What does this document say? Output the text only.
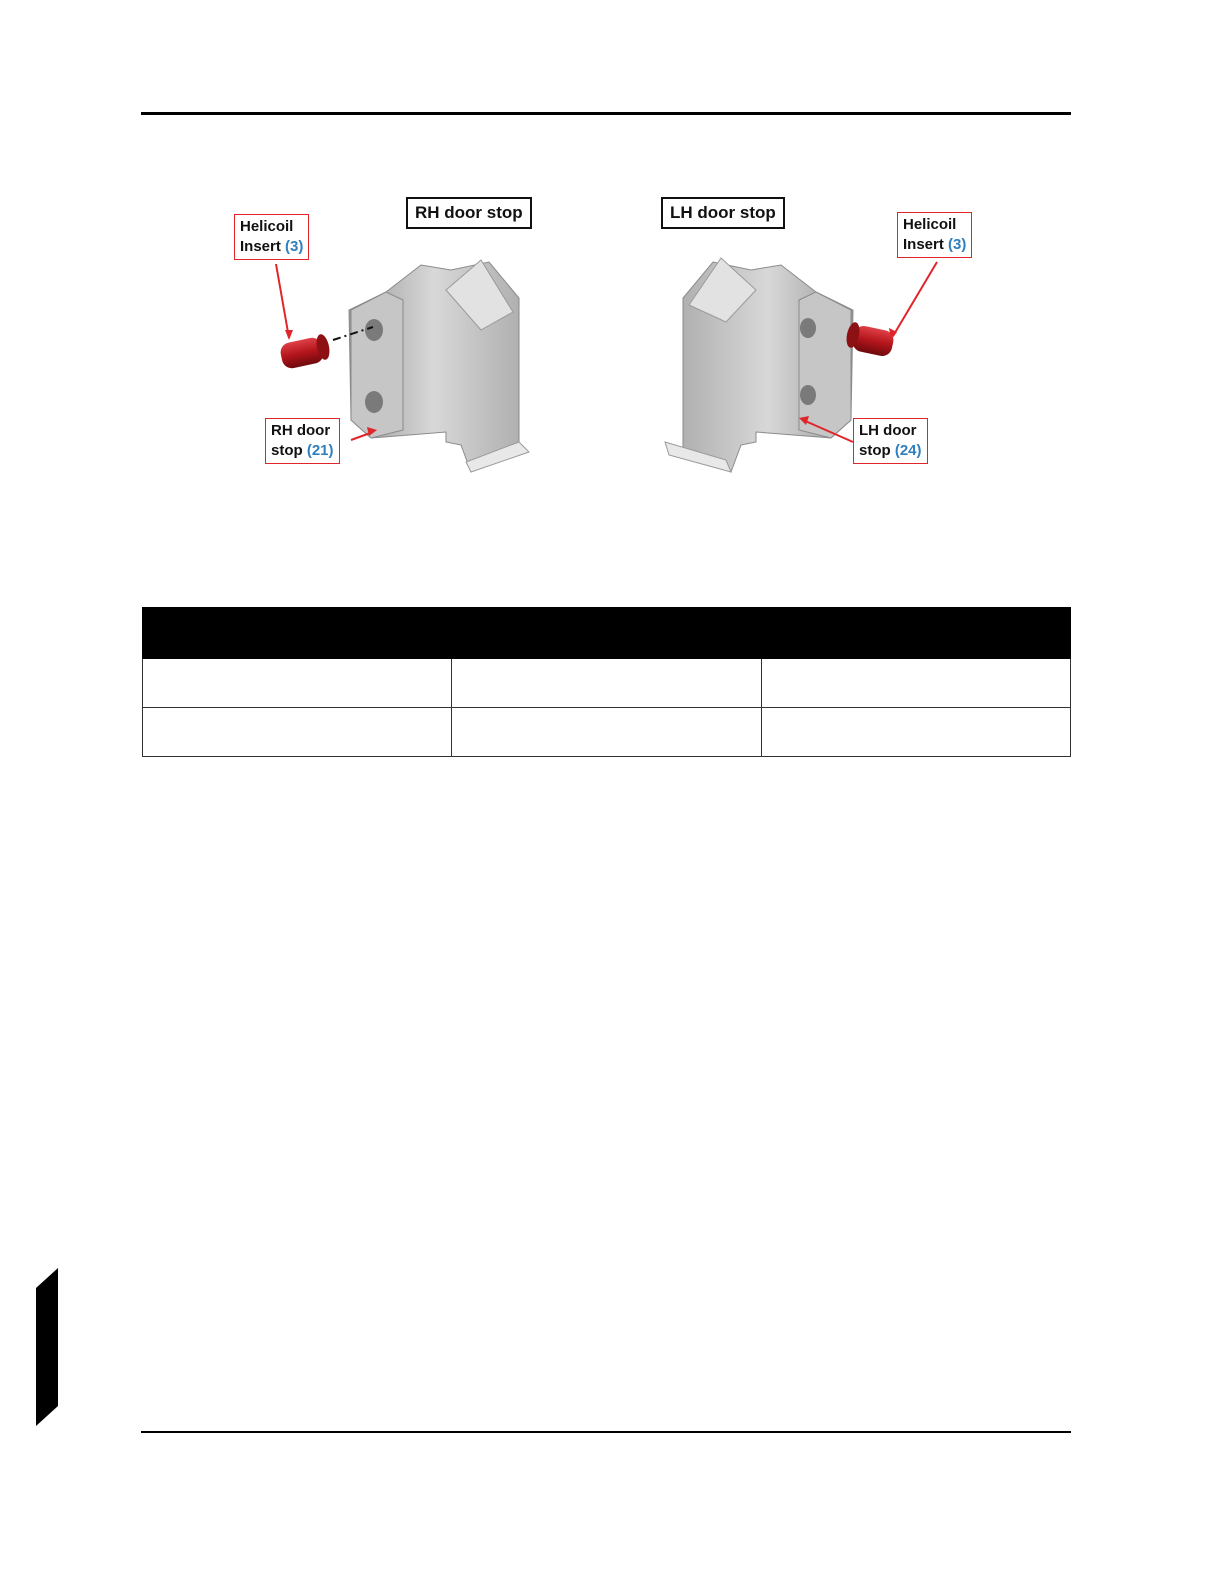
RH door stop	LH door stop
Helicoil
Insert (3)
Helicoil
Insert (3)
RH door
stop (21)
LH door
stop (24)
